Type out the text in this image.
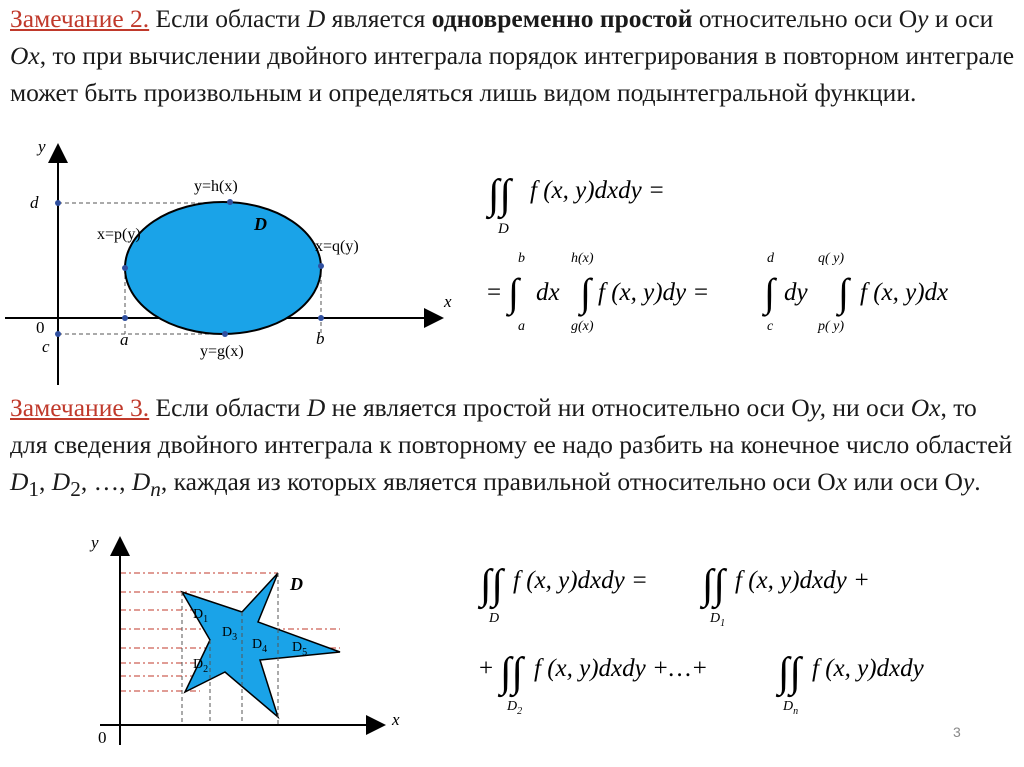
Замечание 2. Если области D является одновременно простой относительно оси Оy и оси Ox, то при вычислении двойного интеграла порядок интегрирования в повторном интеграле может быть произвольным и определяться лишь видом подынтегральной функции.
Замечание 3. Если области D не является простой ни относительно оси Оy, ни оси Ox, то для сведения двойного интеграла к повторному ее надо разбить на конечное число областей $D_1$, $D_2$, …, $D_n$, каждая из которых является правильной относительно оси Оx или оси Оy.
y
x
0
d
c	a	b
D
y=h(x)
y=g(x)
x=p(y)
x=q(y)
∫∫
D
f (x, y)dxdy =
= ∫
b
a
dx ∫
h(x)
g(x)
f (x, y)dy = ∫
d
c
dy ∫
q( y)
p( y)
f (x, y)dx
y
x
0
D
$D_1$
$D_3$ $D_4$ $D_5$
$D_2$
∫∫
D
f (x, y)dxdy = ∫∫
$D_1$
f (x, y)dxdy +
+ ∫∫
$D_2$
f (x, y)dxdy +…+ ∫∫
$D_n$
f (x, y)dxdy
3
